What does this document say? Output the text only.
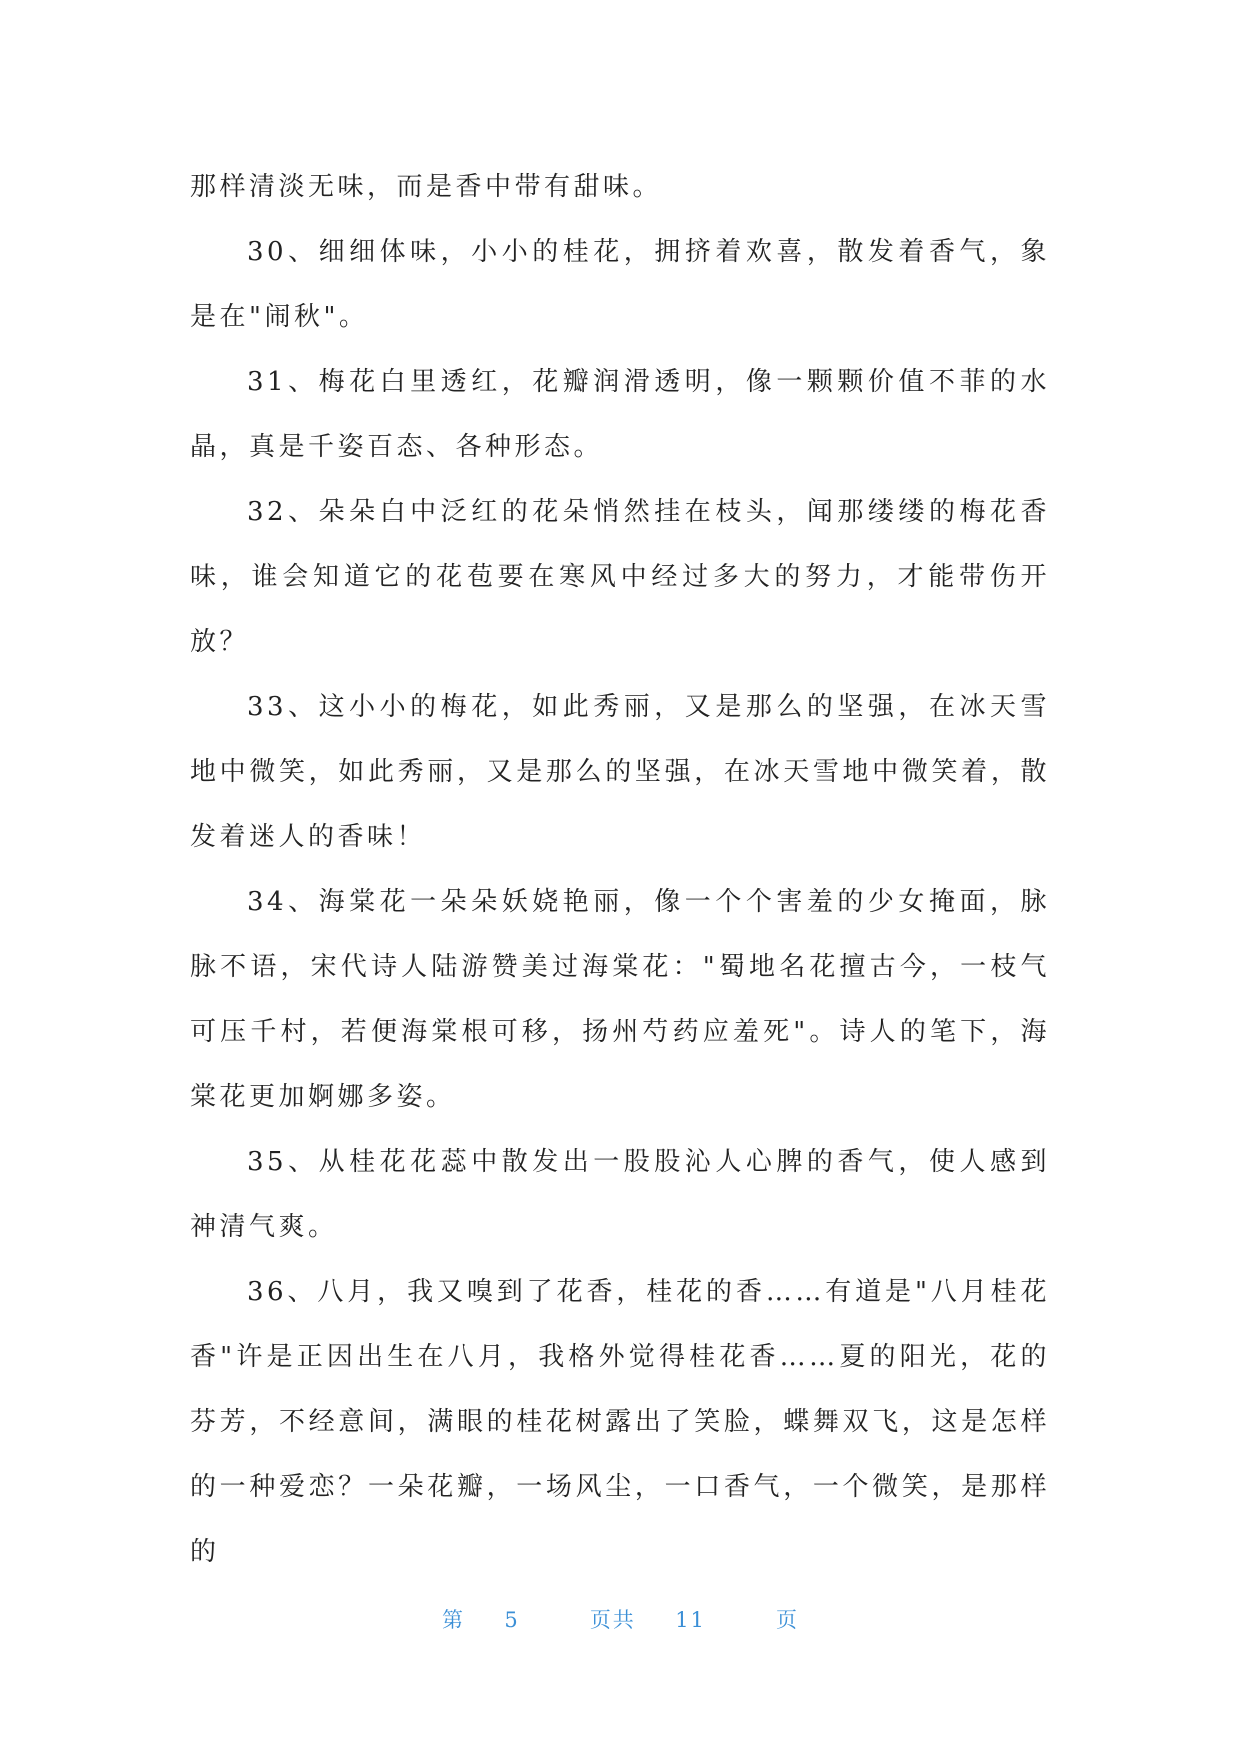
那样清淡无味，而是香中带有甜味。

30、细细体味，小小的桂花，拥挤着欢喜，散发着香气，象是在"闹秋"。

31、梅花白里透红，花瓣润滑透明，像一颗颗价值不菲的水晶，真是千姿百态、各种形态。

32、朵朵白中泛红的花朵悄然挂在枝头，闻那缕缕的梅花香味，谁会知道它的花苞要在寒风中经过多大的努力，才能带伤开放？

33、这小小的梅花，如此秀丽，又是那么的坚强，在冰天雪地中微笑，如此秀丽，又是那么的坚强，在冰天雪地中微笑着，散发着迷人的香味！

34、海棠花一朵朵妖娆艳丽，像一个个害羞的少女掩面，脉脉不语，宋代诗人陆游赞美过海棠花："蜀地名花擅古今，一枝气可压千村，若便海棠根可移，扬州芍药应羞死"。诗人的笔下，海棠花更加婀娜多姿。

35、从桂花花蕊中散发出一股股沁人心脾的香气，使人感到神清气爽。

36、八月，我又嗅到了花香，桂花的香……有道是"八月桂花香"许是正因出生在八月，我格外觉得桂花香……夏的阳光，花的芬芳，不经意间，满眼的桂花树露出了笑脸，蝶舞双飞，这是怎样的一种爱恋？一朵花瓣，一场风尘，一口香气，一个微笑，是那样的

第 5	页共 11	页
